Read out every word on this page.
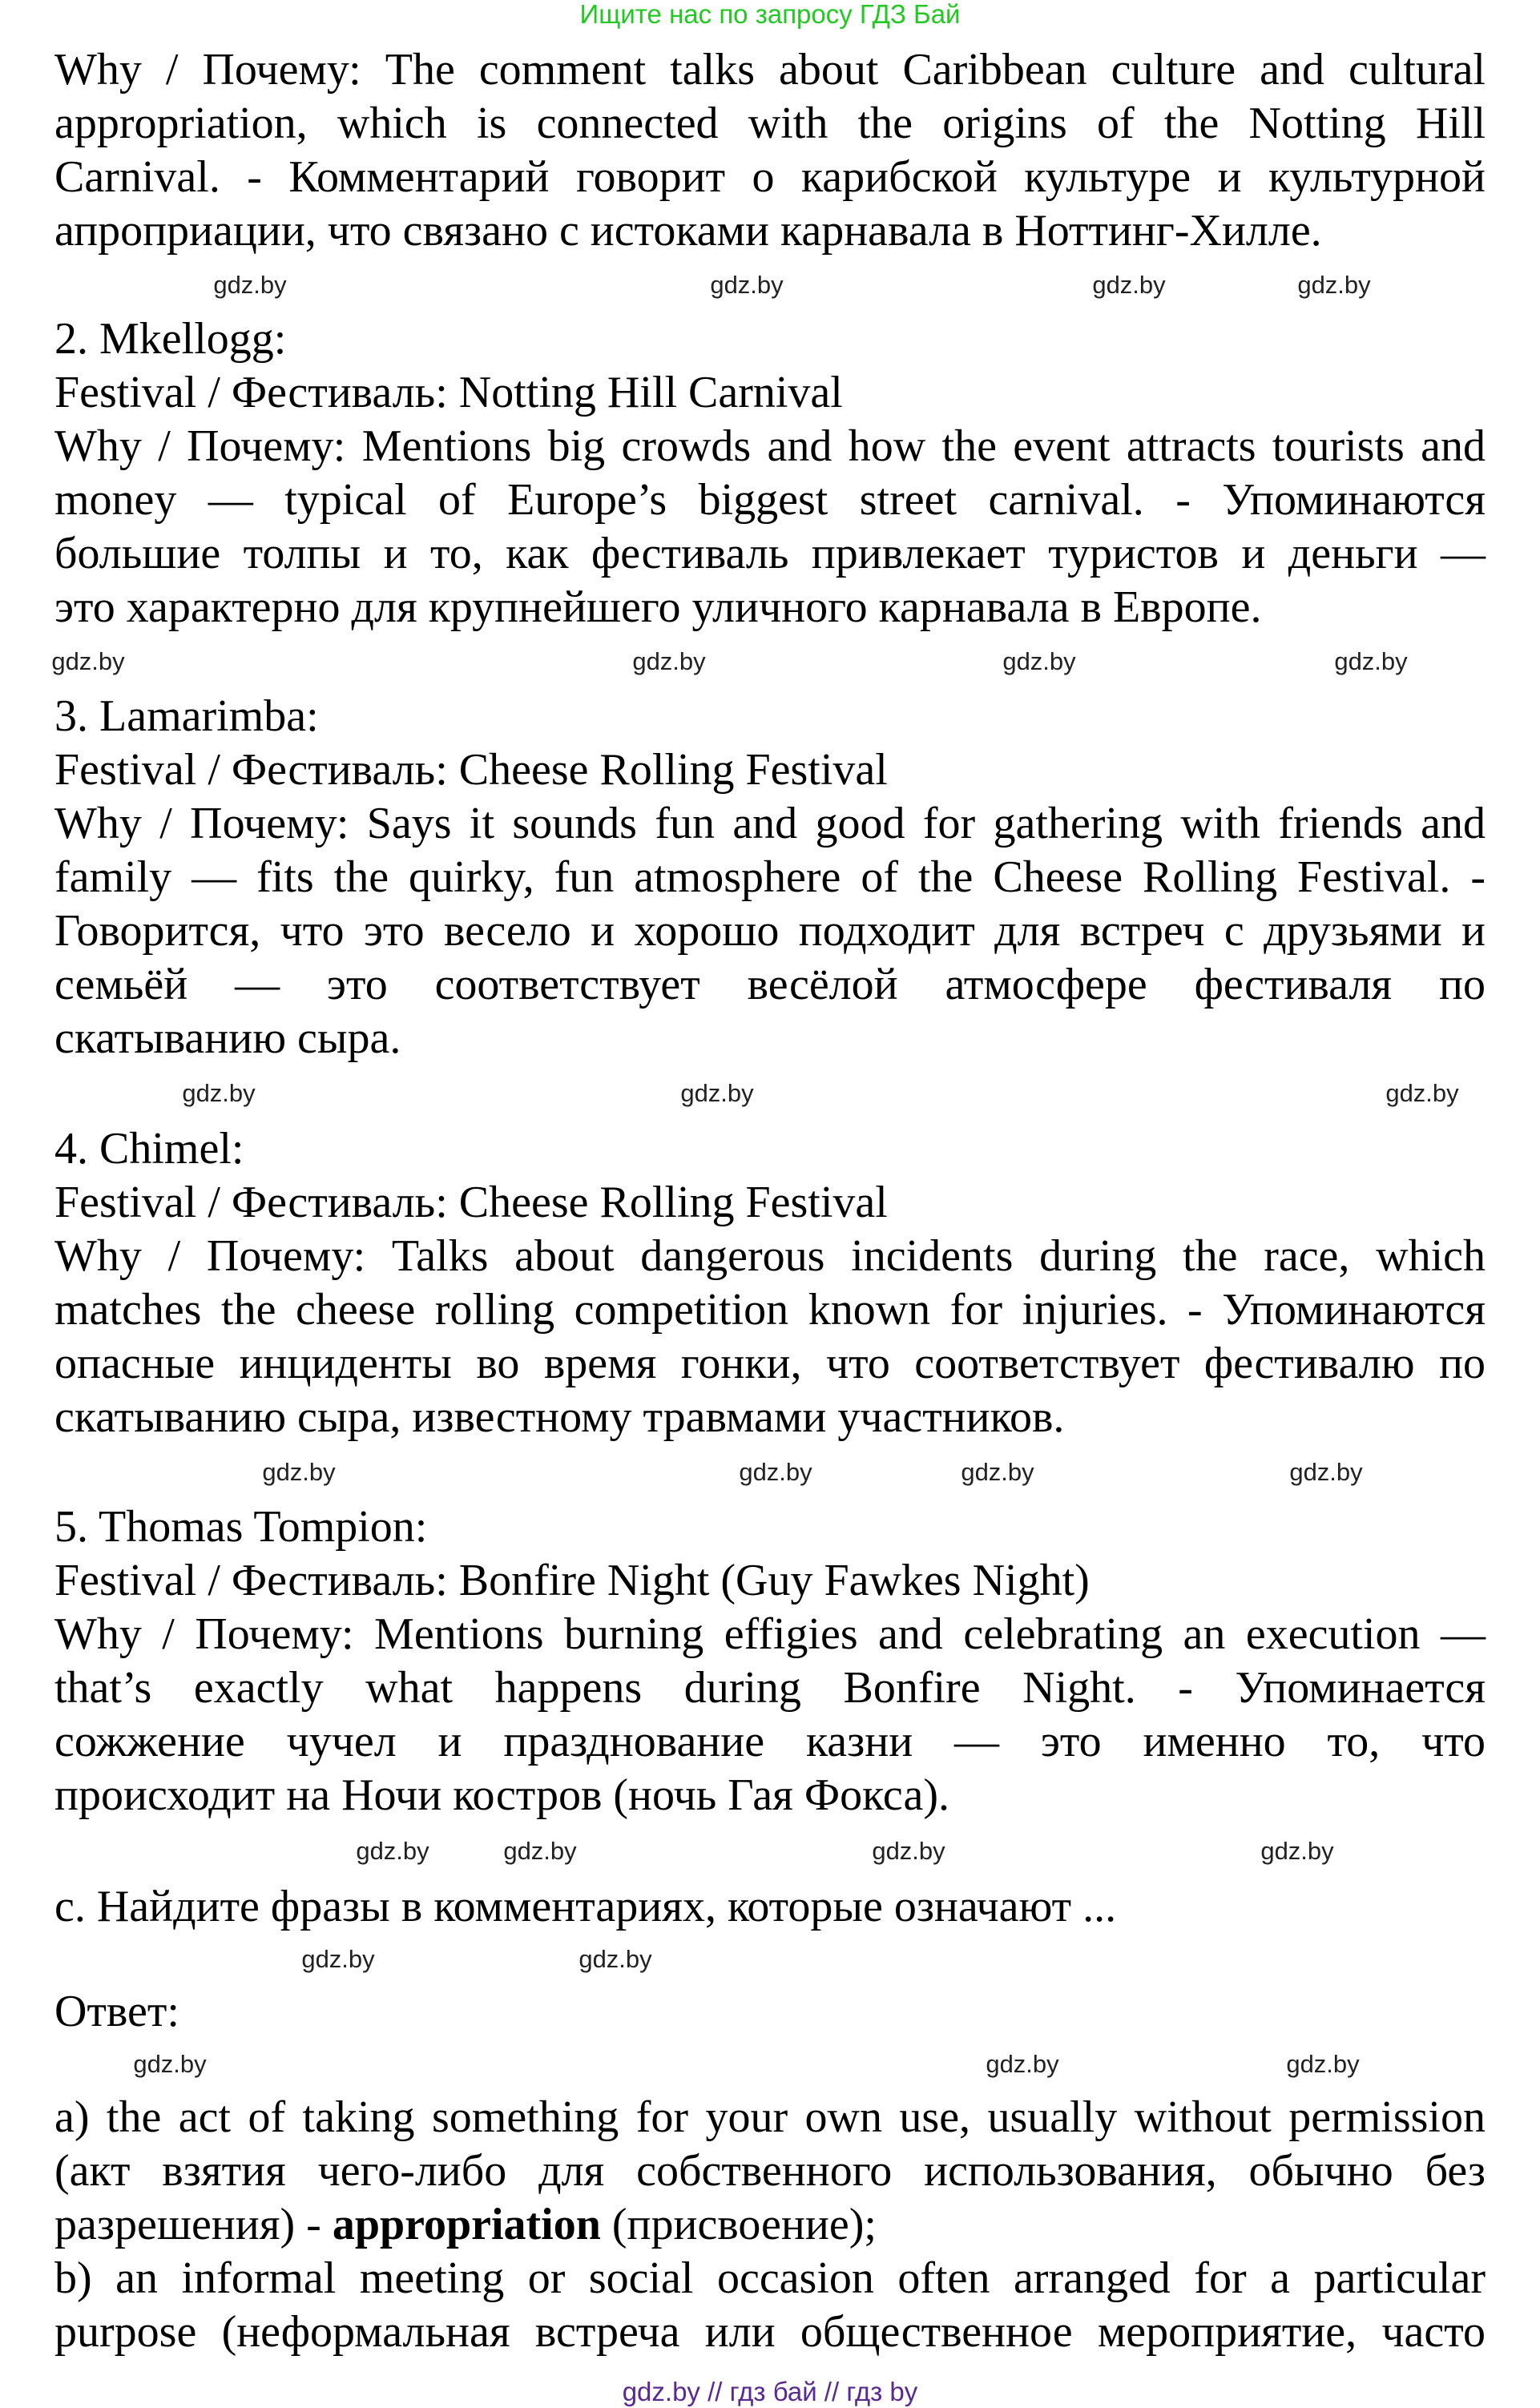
Ищите нас по запросу ГДЗ Бай
Why / Почему: The comment talks about Caribbean culture and cultural
appropriation, which is connected with the origins of the Notting Hill
Carnival. - Комментарий говорит о карибской культуре и культурной
апроприации, что связано с истоками карнавала в Ноттинг-Хилле.
2. Mkellogg:
Festival / Фестиваль: Notting Hill Carnival
Why / Почему: Mentions big crowds and how the event attracts tourists and
money — typical of Europe’s biggest street carnival. - Упоминаются
большие толпы и то, как фестиваль привлекает туристов и деньги —
это характерно для крупнейшего уличного карнавала в Европе.
3. Lamarimba:
Festival / Фестиваль: Cheese Rolling Festival
Why / Почему: Says it sounds fun and good for gathering with friends and
family — fits the quirky, fun atmosphere of the Cheese Rolling Festival. -
Говорится, что это весело и хорошо подходит для встреч с друзьями и
семьёй — это соответствует весёлой атмосфере фестиваля по
скатыванию сыра.
4. Chimel:
Festival / Фестиваль: Cheese Rolling Festival
Why / Почему: Talks about dangerous incidents during the race, which
matches the cheese rolling competition known for injuries. - Упоминаются
опасные инциденты во время гонки, что соответствует фестивалю по
скатыванию сыра, известному травмами участников.
5. Thomas Tompion:
Festival / Фестиваль: Bonfire Night (Guy Fawkes Night)
Why / Почему: Mentions burning effigies and celebrating an execution —
that’s exactly what happens during Bonfire Night. - Упоминается
сожжение чучел и празднование казни — это именно то, что
происходит на Ночи костров (ночь Гая Фокса).
c. Найдите фразы в комментариях, которые означают ...
Ответ:
a) the act of taking something for your own use, usually without permission
(акт взятия чего-либо для собственного использования, обычно без
разрешения) - appropriation (присвоение);
b) an informal meeting or social occasion often arranged for a particular
purpose (неформальная встреча или общественное мероприятие, часто
gdz.by
gdz.by	gdz.by	gdz.by
gdz.by
gdz.by	gdz.by	gdz.by
gdz.by
gdz.by
gdz.by
gdz.by	gdz.by	gdz.by
gdz.by
gdz.by	gdz.by
gdz.by	gdz.by
gdz.by	gdz.by
gdz.by	gdz.by
gdz.by
gdz.by // гдз бай // гдз by
